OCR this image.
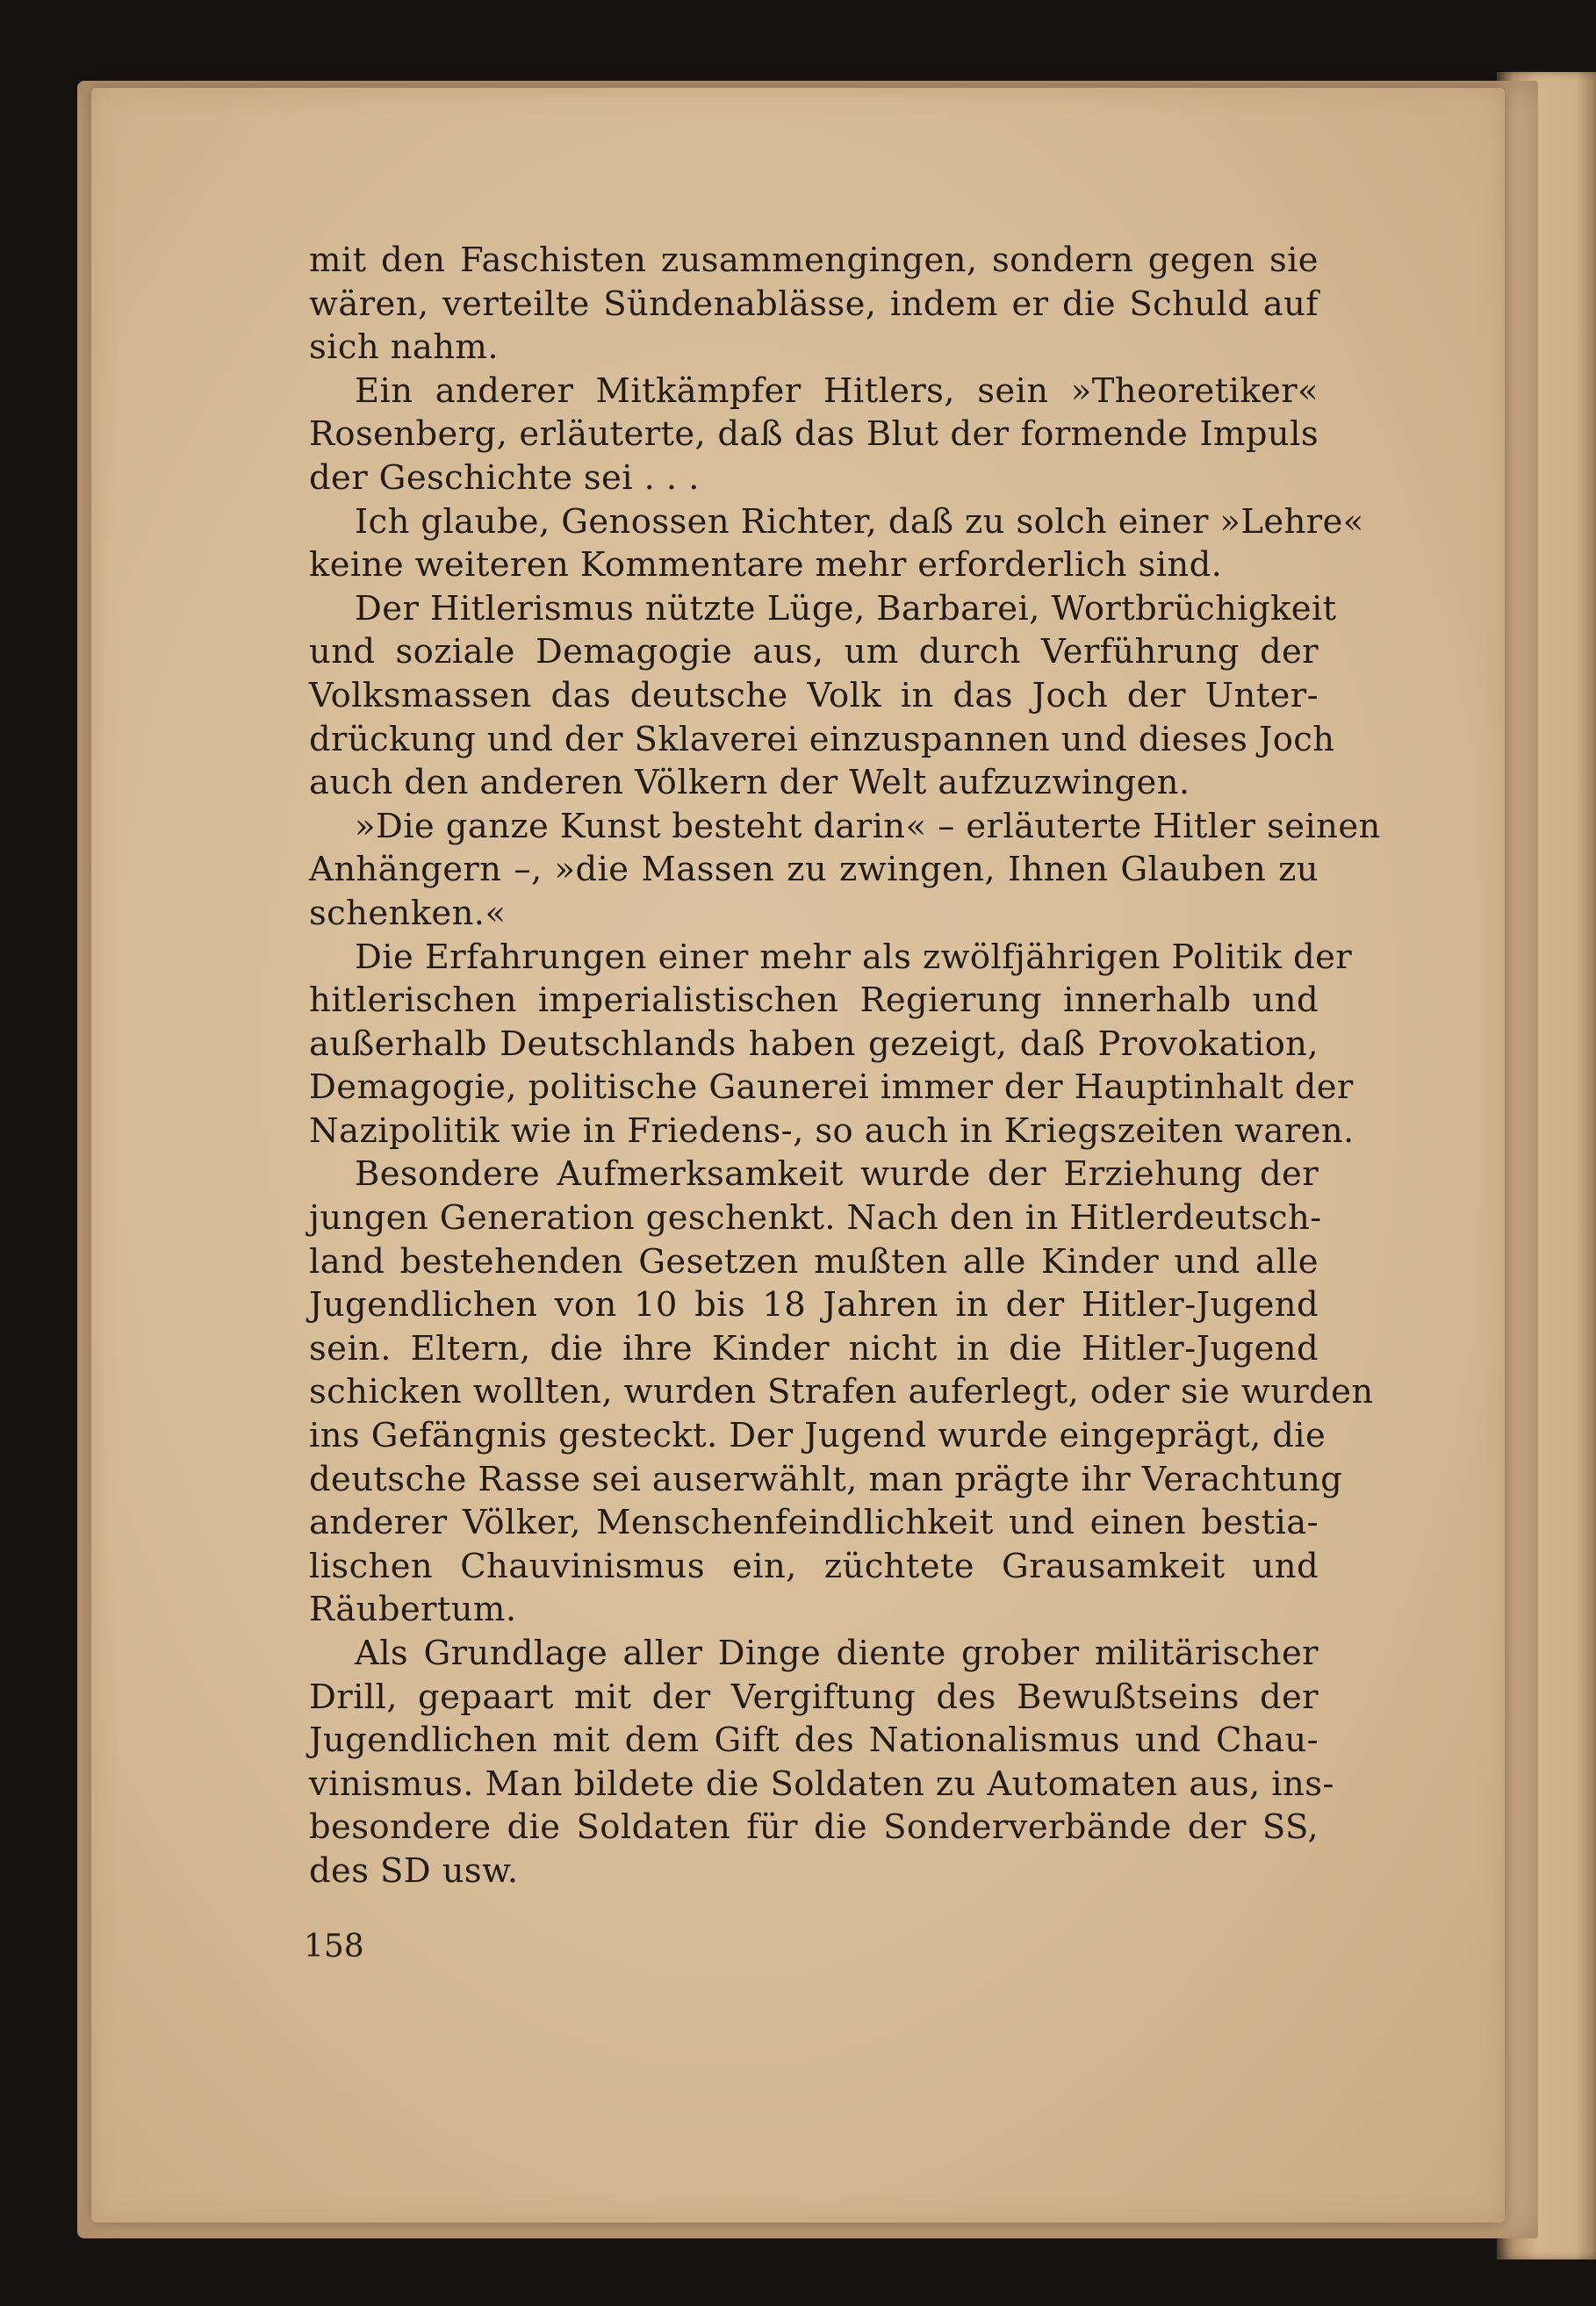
mit den Faschisten zusammengingen, sondern gegen sie
wären, verteilte Sündenablässe, indem er die Schuld auf
sich nahm.
Ein anderer Mitkämpfer Hitlers, sein »Theoretiker«
Rosenberg, erläuterte, daß das Blut der formende Impuls
der Geschichte sei . . .
Ich glaube, Genossen Richter, daß zu solch einer »Lehre«
keine weiteren Kommentare mehr erforderlich sind.
Der Hitlerismus nützte Lüge, Barbarei, Wortbrüchigkeit
und soziale Demagogie aus, um durch Verführung der
Volksmassen das deutsche Volk in das Joch der Unter-
drückung und der Sklaverei einzuspannen und dieses Joch
auch den anderen Völkern der Welt aufzuzwingen.
»Die ganze Kunst besteht darin« – erläuterte Hitler seinen
Anhängern –, »die Massen zu zwingen, Ihnen Glauben zu
schenken.«
Die Erfahrungen einer mehr als zwölfjährigen Politik der
hitlerischen imperialistischen Regierung innerhalb und
außerhalb Deutschlands haben gezeigt, daß Provokation,
Demagogie, politische Gaunerei immer der Hauptinhalt der
Nazipolitik wie in Friedens-, so auch in Kriegszeiten waren.
Besondere Aufmerksamkeit wurde der Erziehung der
jungen Generation geschenkt. Nach den in Hitlerdeutsch-
land bestehenden Gesetzen mußten alle Kinder und alle
Jugendlichen von 10 bis 18 Jahren in der Hitler-Jugend
sein. Eltern, die ihre Kinder nicht in die Hitler-Jugend
schicken wollten, wurden Strafen auferlegt, oder sie wurden
ins Gefängnis gesteckt. Der Jugend wurde eingeprägt, die
deutsche Rasse sei auserwählt, man prägte ihr Verachtung
anderer Völker, Menschenfeindlichkeit und einen bestia-
lischen Chauvinismus ein, züchtete Grausamkeit und
Räubertum.
Als Grundlage aller Dinge diente grober militärischer
Drill, gepaart mit der Vergiftung des Bewußtseins der
Jugendlichen mit dem Gift des Nationalismus und Chau-
vinismus. Man bildete die Soldaten zu Automaten aus, ins-
besondere die Soldaten für die Sonderverbände der SS,
des SD usw.
158
